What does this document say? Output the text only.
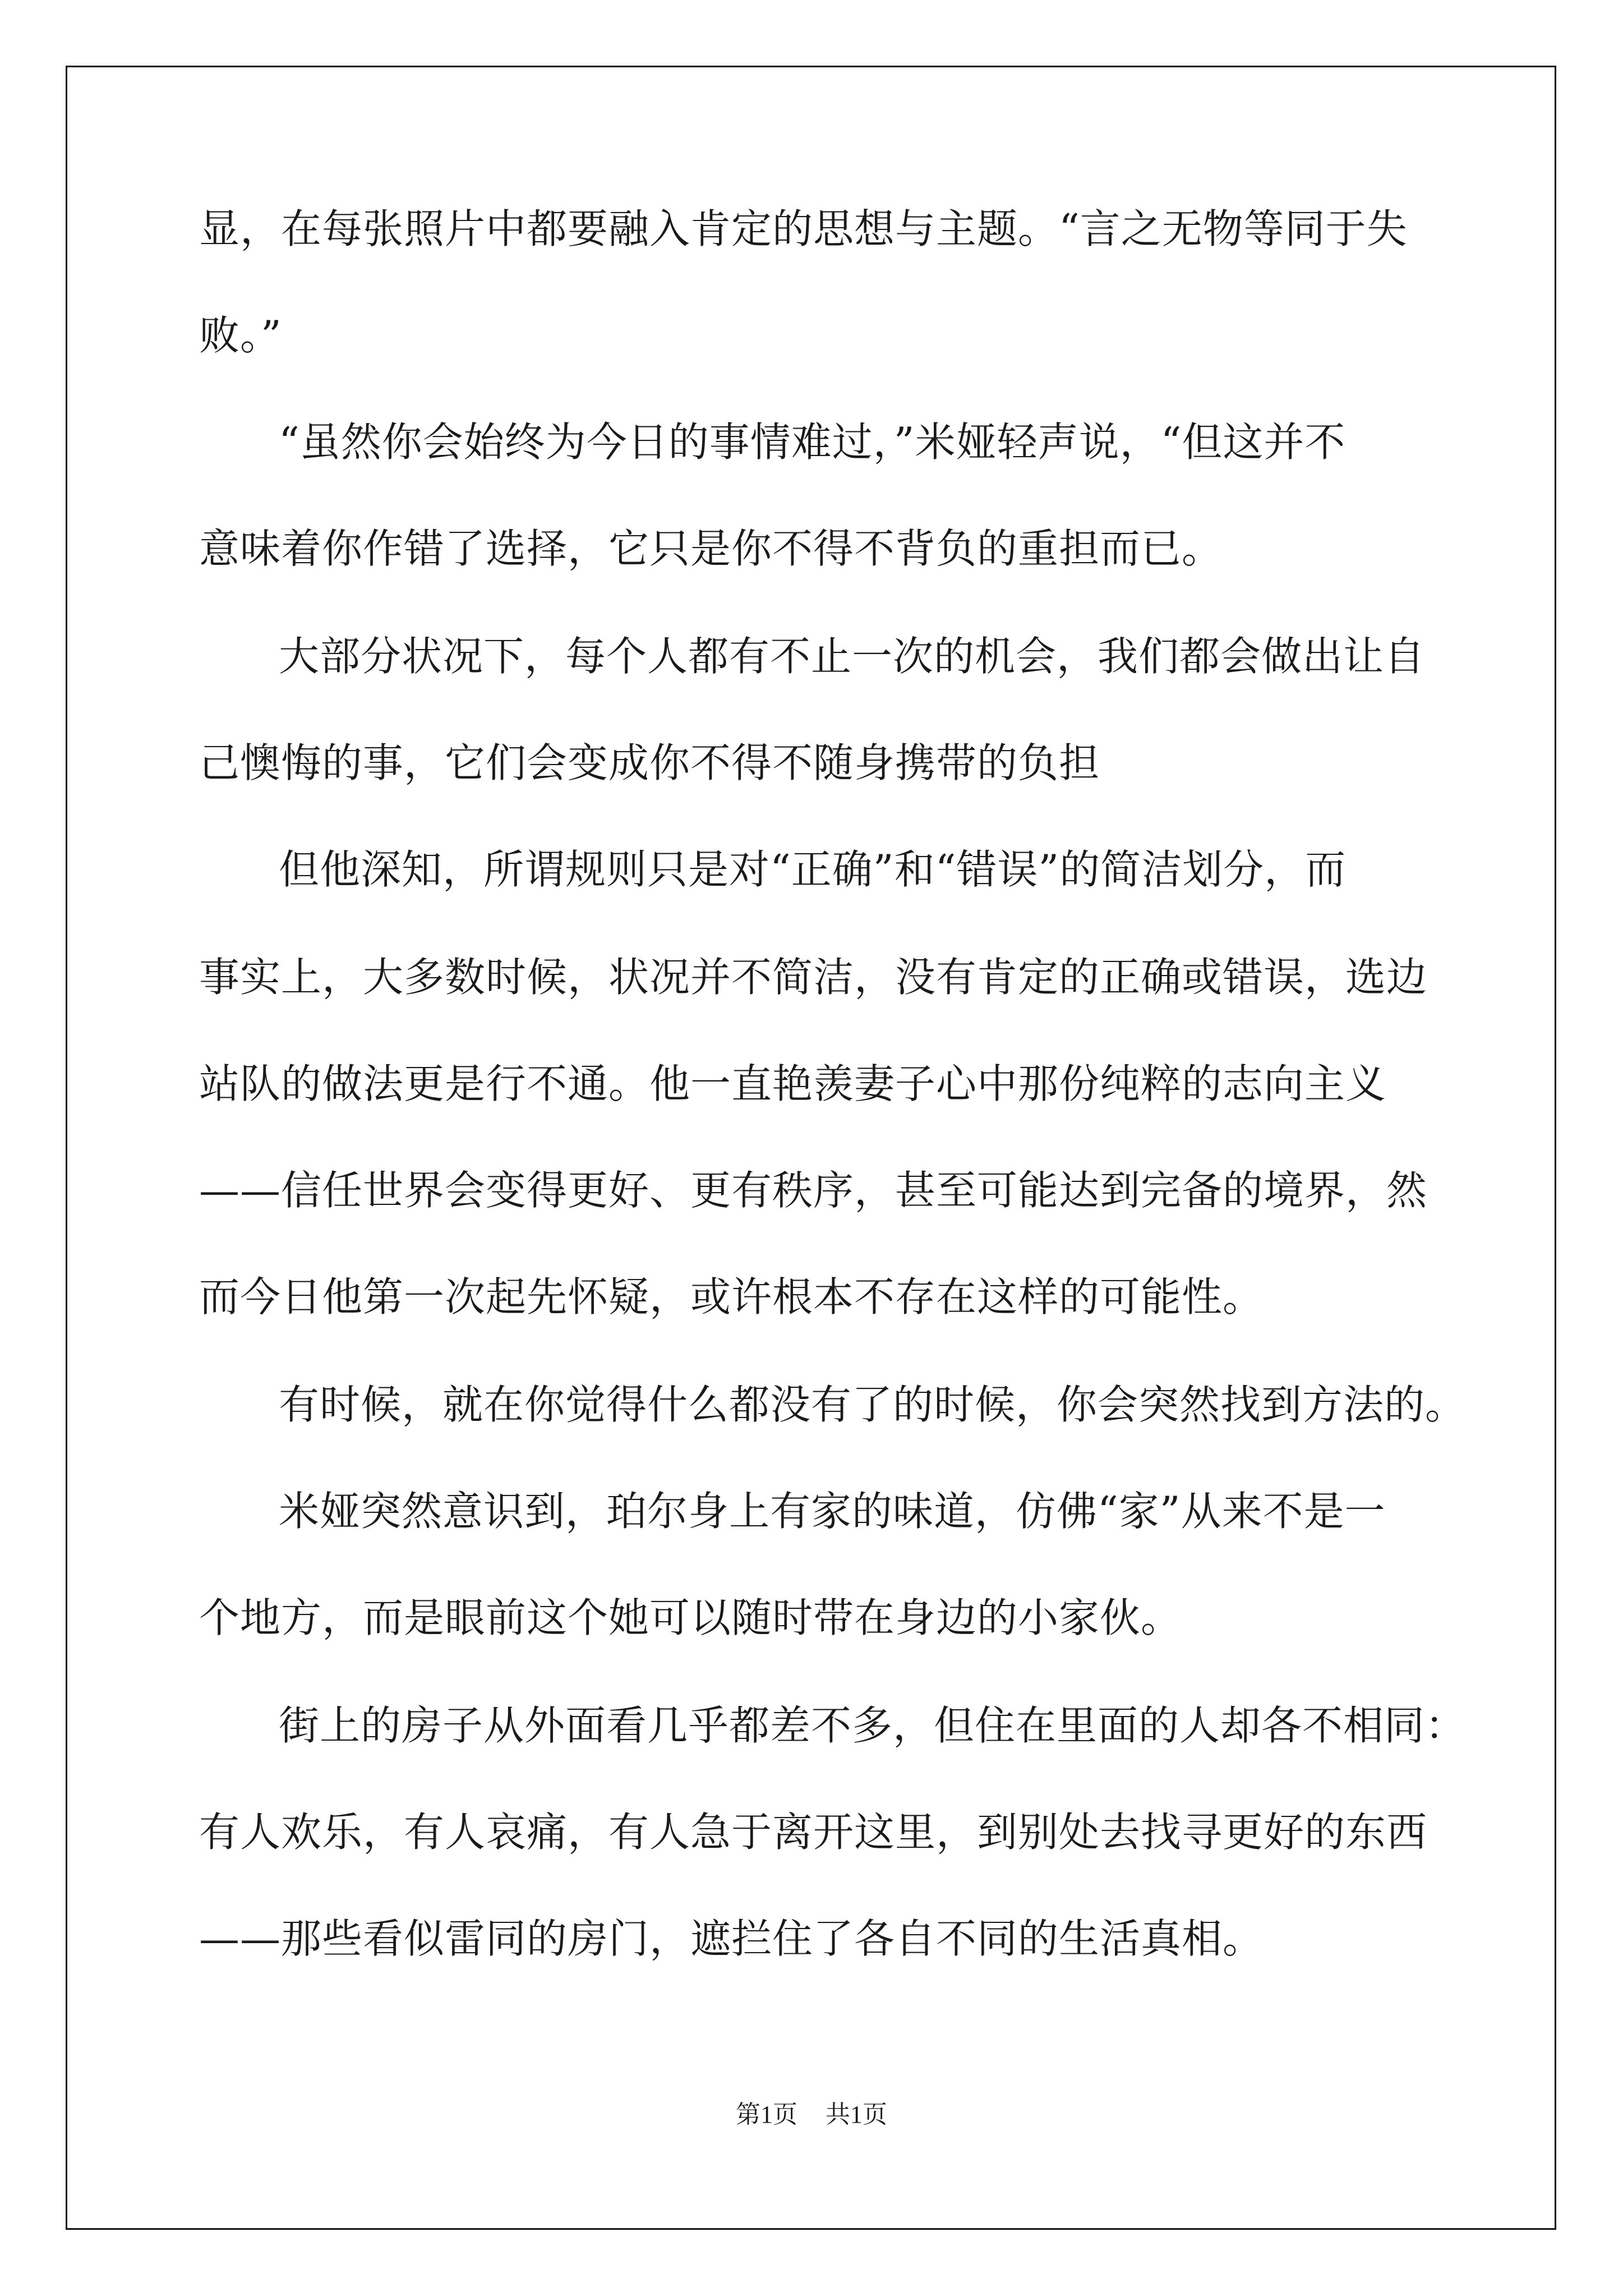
显，在每张照片中都要融入肯定的思想与主题。“言之无物等同于失
败。”
“虽然你会始终为今日的事情难过，”米娅轻声说，“但这并不
意味着你作错了选择，它只是你不得不背负的重担而已。
大部分状况下，每个人都有不止一次的机会，我们都会做出让自
己懊悔的事，它们会变成你不得不随身携带的负担
但他深知，所谓规则只是对“正确”和“错误”的简洁划分，而
事实上，大多数时候，状况并不简洁，没有肯定的正确或错误，选边
站队的做法更是行不通。他一直艳羡妻子心中那份纯粹的志向主义
——信任世界会变得更好、更有秩序，甚至可能达到完备的境界，然
而今日他第一次起先怀疑，或许根本不存在这样的可能性。
有时候，就在你觉得什么都没有了的时候，你会突然找到方法的。
米娅突然意识到，珀尔身上有家的味道，仿佛“家”从来不是一
个地方，而是眼前这个她可以随时带在身边的小家伙。
街上的房子从外面看几乎都差不多，但住在里面的人却各不相同：
有人欢乐，有人哀痛，有人急于离开这里，到别处去找寻更好的东西
——那些看似雷同的房门，遮拦住了各自不同的生活真相。
第1页 共1页
